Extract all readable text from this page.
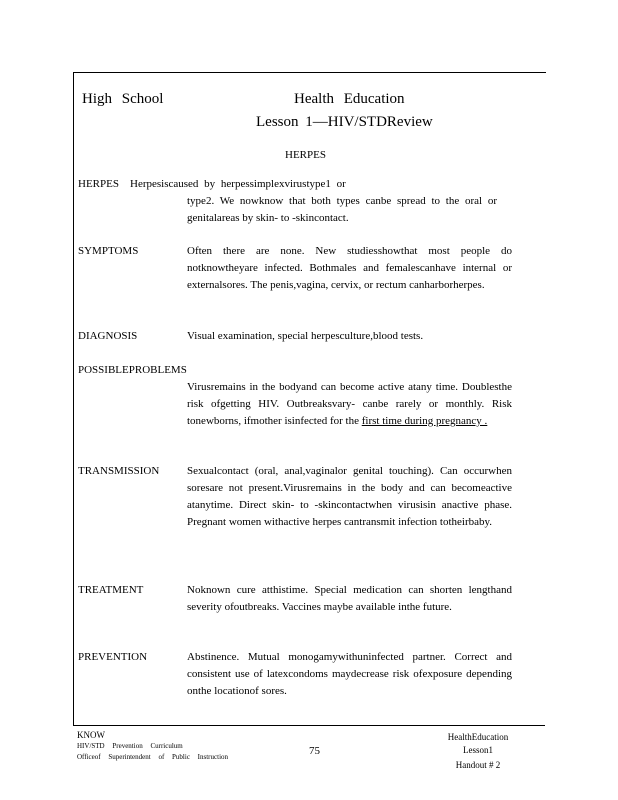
High School	Health Education
Lesson 1—HIV/STDReview
HERPES
HERPES Herpesiscaused by herpessimplexvirustype1 or
type2. We nowknow that both types canbe spread to the oral or genitalareas by skin- to -skincontact.
SYMPTOMS	Often there are none. New studiesshowthat most people do notknowtheyare infected. Bothmales and femalescanhave internal or externalsores. The penis,vagina, cervix, or rectum canharborherpes.
DIAGNOSIS	Visual examination, special herpesculture,blood tests.
POSSIBLEPROBLEMS
Virusremains in the bodyand can become active atany time. Doublesthe risk ofgetting HIV. Outbreaksvary- canbe rarely or monthly. Risk tonewborns, ifmother isinfected for the first time during pregnancy .
TRANSMISSION	Sexualcontact (oral, anal,vaginalor genital touching). Can occurwhen soresare not present.Virusremains in the body and can becomeactive atanytime. Direct skin- to -skincontactwhen virusisin anactive phase. Pregnant women withactive herpes cantransmit infection totheirbaby.
TREATMENT	Noknown cure atthistime. Special medication can shorten lengthand severity ofoutbreaks. Vaccines maybe available inthe future.
PREVENTION	Abstinence. Mutual monogamywithuninfected partner. Correct and consistent use of latexcondoms maydecrease risk ofexposure depending onthe locationof sores.
KNOW
HIV/STD Prevention Curriculum
Officeof Superintendent of Public Instruction	75
HealthEducation
Lesson1
Handout # 2
